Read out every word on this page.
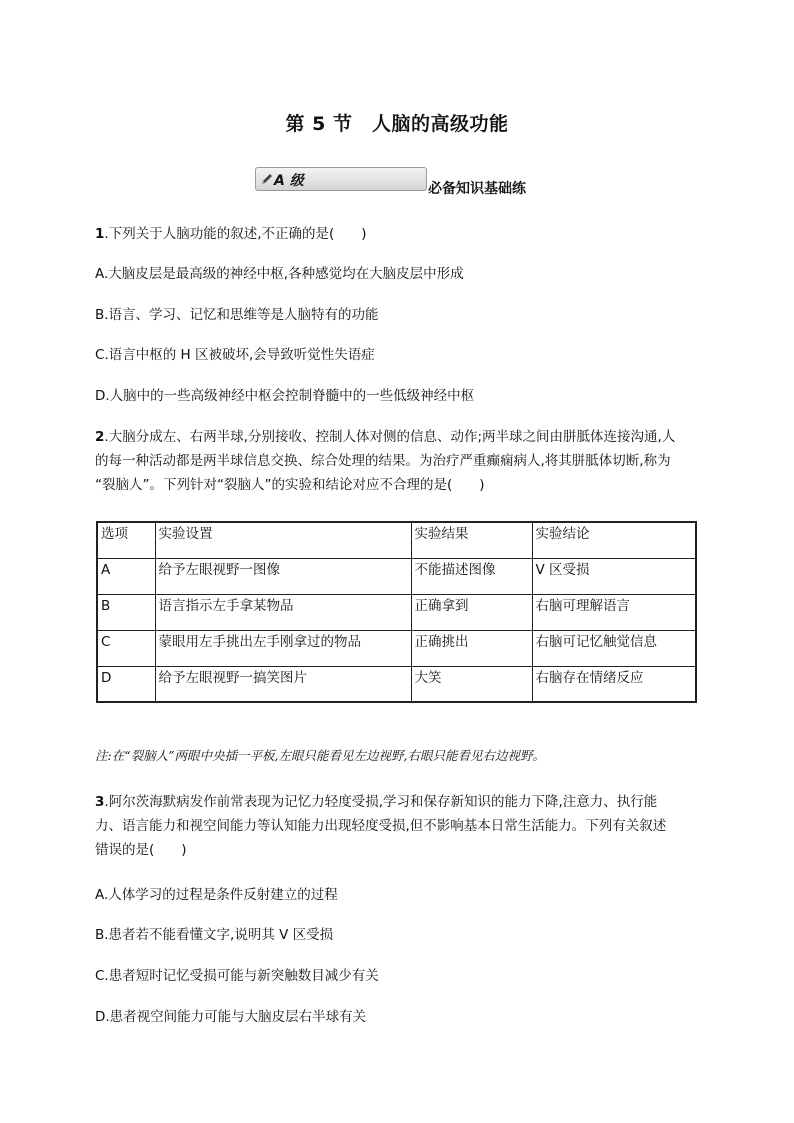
第 5 节　人脑的高级功能
A 级	必备知识基础练
1.下列关于人脑功能的叙述,不正确的是(　　)
A.大脑皮层是最高级的神经中枢,各种感觉均在大脑皮层中形成
B.语言、学习、记忆和思维等是人脑特有的功能
C.语言中枢的 H 区被破坏,会导致听觉性失语症
D.人脑中的一些高级神经中枢会控制脊髓中的一些低级神经中枢
2.大脑分成左、右两半球,分别接收、控制人体对侧的信息、动作;两半球之间由胼胝体连接沟通,人
的每一种活动都是两半球信息交换、综合处理的结果。为治疗严重癫痫病人,将其胼胝体切断,称为
“裂脑人”。下列针对“裂脑人”的实验和结论对应不合理的是(　　)
选项	实验设置	实验结果	实验结论
A	给予左眼视野一图像	不能描述图像	V 区受损
B	语言指示左手拿某物品	正确拿到	右脑可理解语言
C	蒙眼用左手挑出左手刚拿过的物品	正确挑出	右脑可记忆触觉信息
D	给予左眼视野一搞笑图片	大笑	右脑存在情绪反应
注:在“裂脑人”两眼中央插一平板,左眼只能看见左边视野,右眼只能看见右边视野。
3.阿尔茨海默病发作前常表现为记忆力轻度受损,学习和保存新知识的能力下降,注意力、执行能
力、语言能力和视空间能力等认知能力出现轻度受损,但不影响基本日常生活能力。下列有关叙述
错误的是(　　)
A.人体学习的过程是条件反射建立的过程
B.患者若不能看懂文字,说明其 V 区受损
C.患者短时记忆受损可能与新突触数目减少有关
D.患者视空间能力可能与大脑皮层右半球有关
